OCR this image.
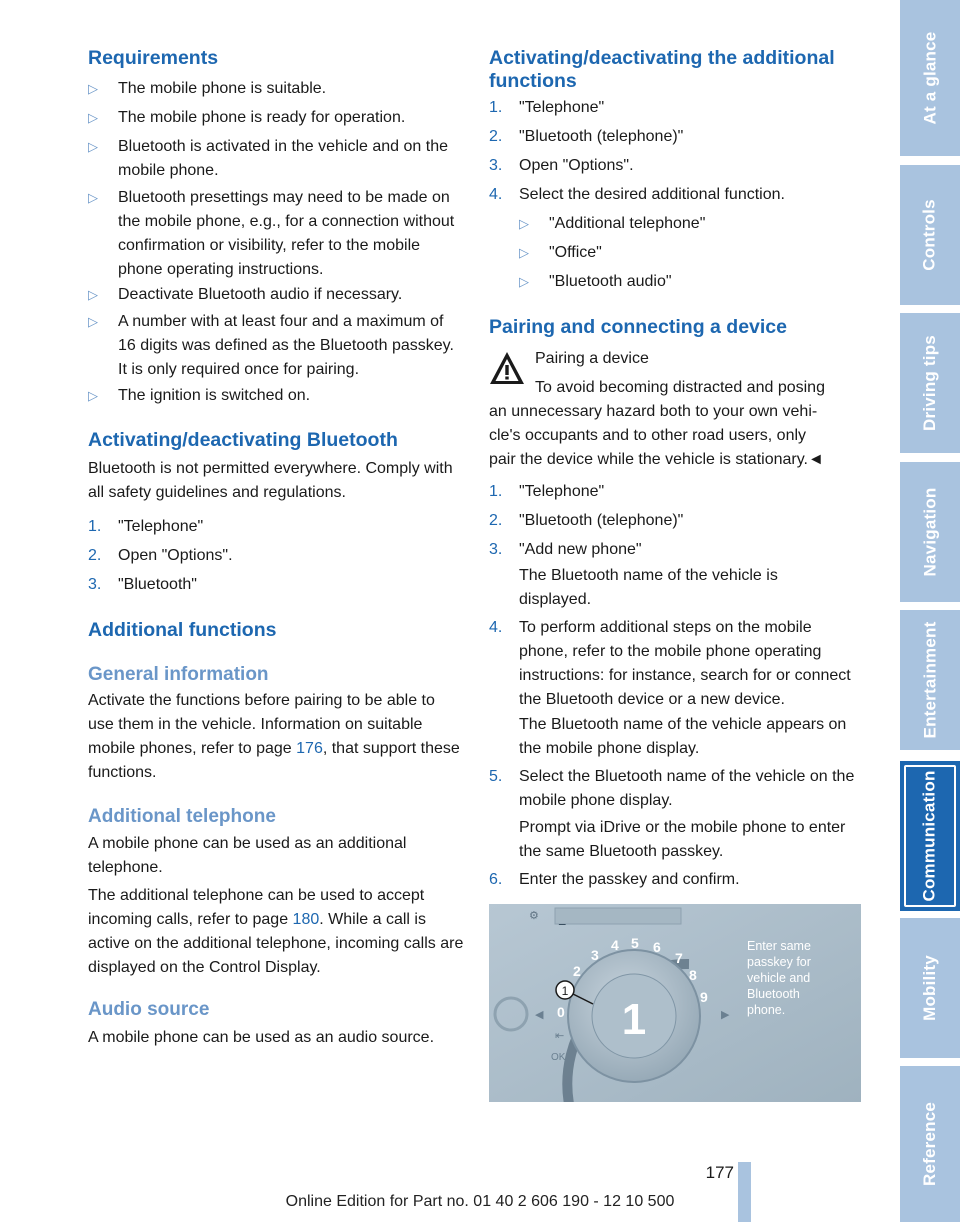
Requirements
▷	The mobile phone is suitable.
▷	The mobile phone is ready for operation.
▷	Bluetooth is activated in the vehicle and on the mobile phone.
▷	Bluetooth presettings may need to be made on the mobile phone, e.g., for a connection without confirmation or visibility, refer to the mobile phone operating instructions.
▷	Deactivate Bluetooth audio if necessary.
▷	A number with at least four and a maximum of 16 digits was defined as the Bluetooth passkey. It is only required once for pairing.
▷	The ignition is switched on.
Activating/deactivating Bluetooth

Bluetooth is not permitted everywhere. Comply with all safety guidelines and regulations.

1. "Telephone"
2. Open "Options".
3. "Bluetooth"
Additional functions
General information

Activate the functions before pairing to be able to use them in the vehicle. Information on suitable mobile phones, refer to page 176, that support these functions.

Additional telephone

A mobile phone can be used as an additional telephone.

The additional telephone can be used to accept incoming calls, refer to page 180. While a call is active on the additional telephone, incoming calls are displayed on the Control Display.

Audio source

A mobile phone can be used as an audio source.

Activating/deactivating the additional functions
1. "Telephone"
2. "Bluetooth (telephone)"
3. Open "Options".
4. Select the desired additional function.
▷	"Additional telephone"
▷	"Office"
▷	"Bluetooth audio"
Pairing and connecting a device

Pairing a device

To avoid becoming distracted and posing

an unnecessary hazard both to your own vehi-

cle's occupants and to other road users, only

pair the device while the vehicle is stationary.◄

1. "Telephone"
2. "Bluetooth (telephone)"
3. "Add new phone"
The Bluetooth name of the vehicle is displayed.
4. To perform additional steps on the mobile phone, refer to the mobile phone operating instructions: for instance, search for or connect the Bluetooth device or a new device.
The Bluetooth name of the vehicle appears on the mobile phone display.
5. Select the Bluetooth name of the vehicle on the mobile phone display.
Prompt via iDrive or the mobile phone to enter the same Bluetooth passkey.
6. Enter the passkey and confirm.
⚙ _
1
0
2
3
4 5 6
7
8
9
1
⇤
OK
◀	▶
Enter same
passkey for
vehicle and
Bluetooth
phone.
At a glance
Controls
Driving tips
Navigation
Entertainment
Communication
Mobility
Reference
177
Online Edition for Part no. 01 40 2 606 190 - 12 10 500
